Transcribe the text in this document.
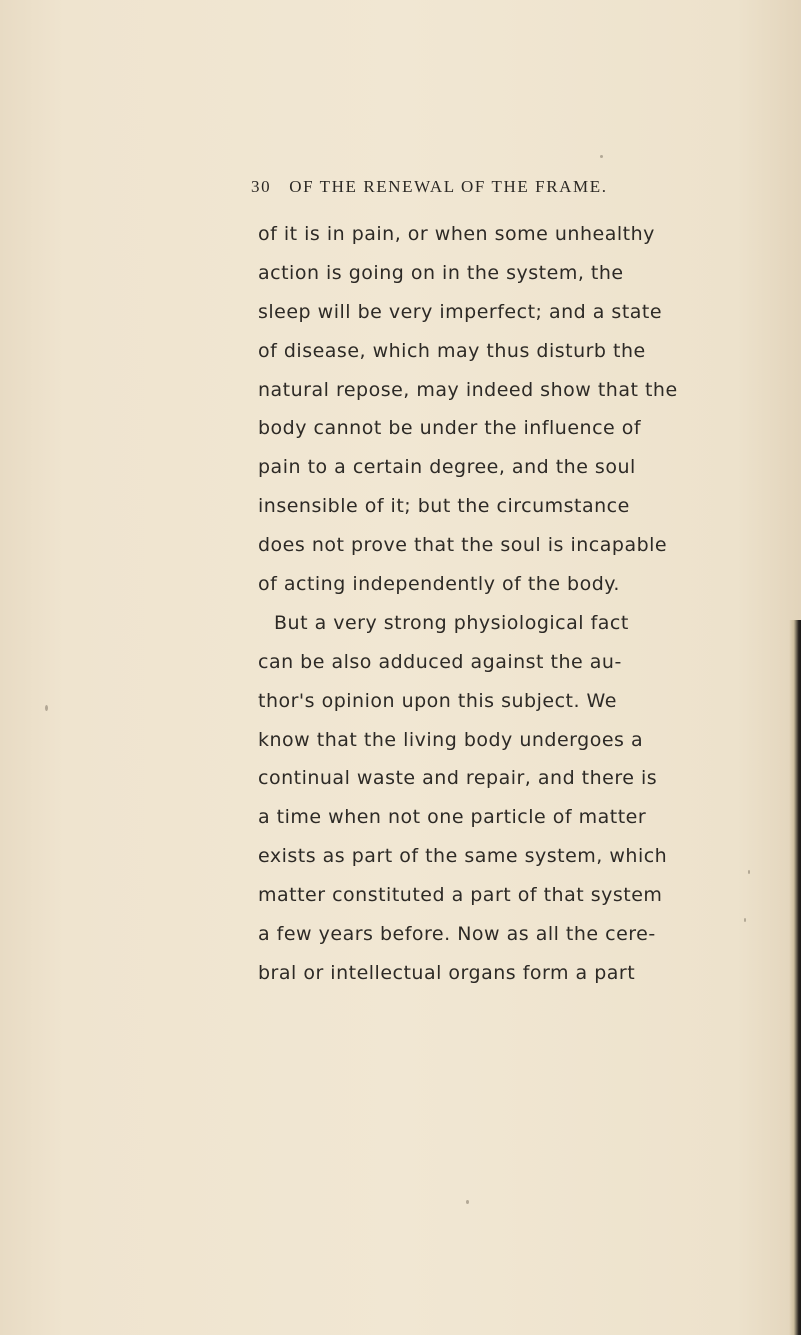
30 OF THE RENEWAL OF THE FRAME.
of it is in pain, or when some unhealthy
action is going on in the system, the
sleep will be very imperfect; and a state
of disease, which may thus disturb the
natural repose, may indeed show that the
body cannot be under the influence of
pain to a certain degree, and the soul
insensible of it; but the circumstance
does not prove that the soul is incapable
of acting independently of the body.
But a very strong physiological fact
can be also adduced against the au-
thor's opinion upon this subject. We
know that the living body undergoes a
continual waste and repair, and there is
a time when not one particle of matter
exists as part of the same system, which
matter constituted a part of that system
a few years before. Now as all the cere-
bral or intellectual organs form a part
